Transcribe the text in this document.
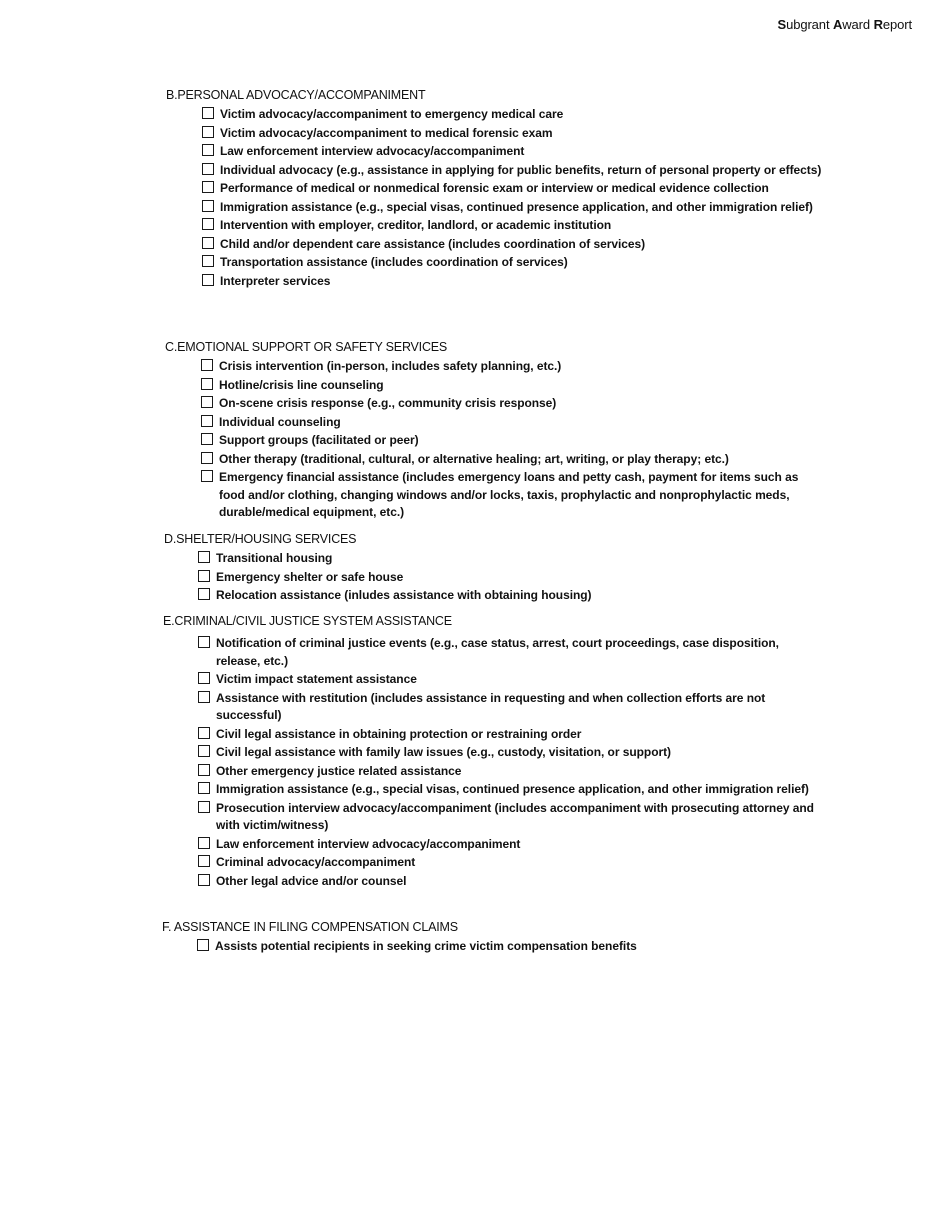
Subgrant Award Report
B.PERSONAL ADVOCACY/ACCOMPANIMENT
Victim advocacy/accompaniment to emergency medical care
Victim advocacy/accompaniment to medical forensic exam
Law enforcement interview advocacy/accompaniment
Individual advocacy (e.g., assistance in applying for public benefits, return of personal property or effects)
Performance of medical or nonmedical forensic exam or interview or medical evidence collection
Immigration assistance (e.g., special visas, continued presence application, and other immigration relief)
Intervention with employer, creditor, landlord, or academic institution
Child and/or dependent care assistance (includes coordination of services)
Transportation assistance (includes coordination of services)
Interpreter services
C.EMOTIONAL SUPPORT OR SAFETY SERVICES
Crisis intervention (in-person, includes safety planning, etc.)
Hotline/crisis line counseling
On-scene crisis response (e.g., community crisis response)
Individual counseling
Support groups (facilitated or peer)
Other therapy (traditional, cultural, or alternative healing; art, writing, or play therapy; etc.)
Emergency financial assistance (includes emergency loans and petty cash, payment for items such as food and/or clothing, changing windows and/or locks, taxis, prophylactic and nonprophylactic meds, durable/medical equipment, etc.)
D.SHELTER/HOUSING SERVICES
Transitional housing
Emergency shelter or safe house
Relocation assistance (inludes assistance with obtaining housing)
E.CRIMINAL/CIVIL JUSTICE SYSTEM ASSISTANCE
Notification of criminal justice events (e.g., case status, arrest, court proceedings, case disposition, release, etc.)
Victim impact statement assistance
Assistance with restitution (includes assistance in requesting and when collection efforts are not successful)
Civil legal assistance in obtaining protection or restraining order
Civil legal assistance with family law issues (e.g., custody, visitation, or support)
Other emergency justice related assistance
Immigration assistance (e.g., special visas, continued presence application, and other immigration relief)
Prosecution interview advocacy/accompaniment (includes accompaniment with prosecuting attorney and with victim/witness)
Law enforcement interview advocacy/accompaniment
Criminal advocacy/accompaniment
Other legal advice and/or counsel
F. ASSISTANCE IN FILING COMPENSATION CLAIMS
Assists potential recipients in seeking crime victim compensation benefits
